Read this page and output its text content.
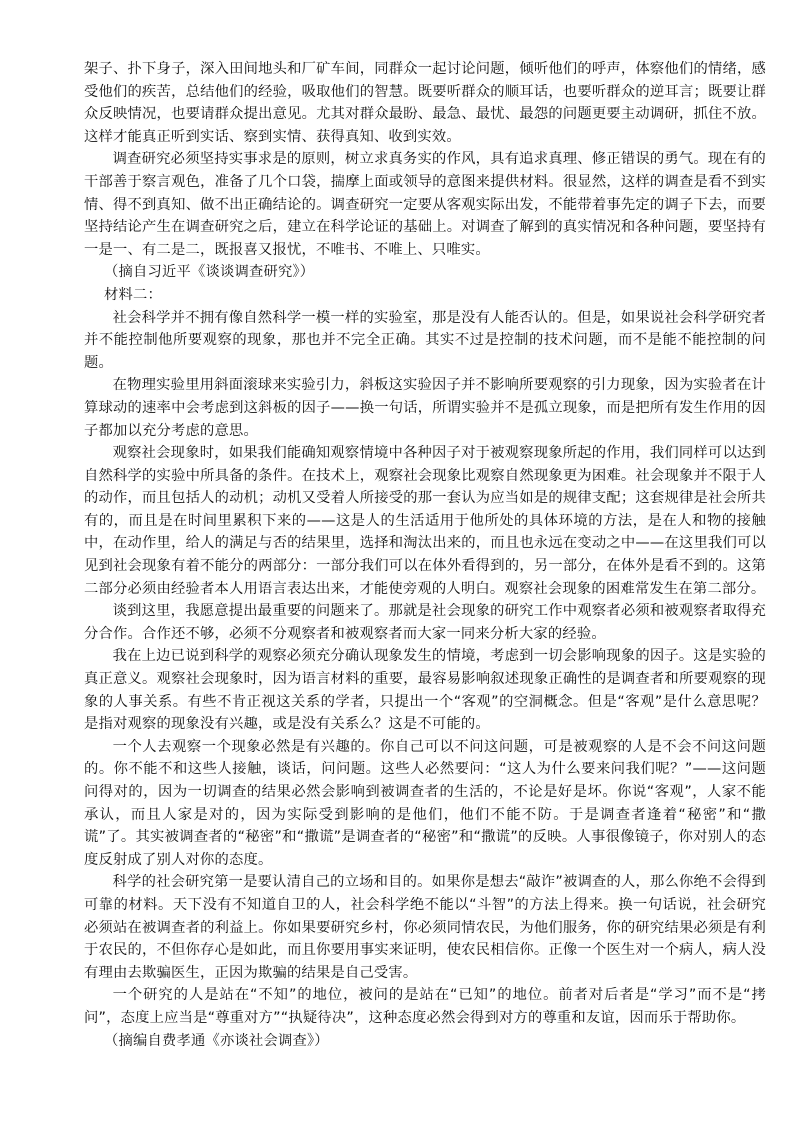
架子、扑下身子，深入田间地头和厂矿车间，同群众一起讨论问题，倾听他们的呼声，体察他们的情绪，感受他们的疾苦，总结他们的经验，吸取他们的智慧。既要听群众的顺耳话，也要听群众的逆耳言；既要让群众反映情况，也要请群众提出意见。尤其对群众最盼、最急、最忧、最怨的问题更要主动调研，抓住不放。这样才能真正听到实话、察到实情、获得真知、收到实效。

调查研究必须坚持实事求是的原则，树立求真务实的作风，具有追求真理、修正错误的勇气。现在有的干部善于察言观色，准备了几个口袋，揣摩上面或领导的意图来提供材料。很显然，这样的调查是看不到实情、得不到真知、做不出正确结论的。调查研究一定要从客观实际出发，不能带着事先定的调子下去，而要坚持结论产生在调查研究之后，建立在科学论证的基础上。对调查了解到的真实情况和各种问题，要坚持有一是一、有二是二，既报喜又报忧，不唯书、不唯上、只唯实。

（摘自习近平《谈谈调查研究》）

材料二：

社会科学并不拥有像自然科学一模一样的实验室，那是没有人能否认的。但是，如果说社会科学研究者并不能控制他所要观察的现象，那也并不完全正确。其实不过是控制的技术问题，而不是能不能控制的问题。

在物理实验里用斜面滚球来实验引力，斜板这实验因子并不影响所要观察的引力现象，因为实验者在计算球动的速率中会考虑到这斜板的因子——换一句话，所谓实验并不是孤立现象，而是把所有发生作用的因子都加以充分考虑的意思。

观察社会现象时，如果我们能确知观察情境中各种因子对于被观察现象所起的作用，我们同样可以达到自然科学的实验中所具备的条件。在技术上，观察社会现象比观察自然现象更为困难。社会现象并不限于人的动作，而且包括人的动机；动机又受着人所接受的那一套认为应当如是的规律支配；这套规律是社会所共有的，而且是在时间里累积下来的——这是人的生活适用于他所处的具体环境的方法，是在人和物的接触中，在动作里，给人的满足与否的结果里，选择和淘汰出来的，而且也永远在变动之中——在这里我们可以见到社会现象有着不能分的两部分：一部分我们可以在体外看得到的，另一部分，在体外是看不到的。这第二部分必须由经验者本人用语言表达出来，才能使旁观的人明白。观察社会现象的困难常发生在第二部分。

谈到这里，我愿意提出最重要的问题来了。那就是社会现象的研究工作中观察者必须和被观察者取得充分合作。合作还不够，必须不分观察者和被观察者而大家一同来分析大家的经验。

我在上边已说到科学的观察必须充分确认现象发生的情境，考虑到一切会影响现象的因子。这是实验的真正意义。观察社会现象时，因为语言材料的重要，最容易影响叙述现象正确性的是调查者和所要观察的现象的人事关系。有些不肯正视这关系的学者，只提出一个“客观”的空洞概念。但是“客观”是什么意思呢？是指对观察的现象没有兴趣，或是没有关系么？这是不可能的。

一个人去观察一个现象必然是有兴趣的。你自己可以不问这问题，可是被观察的人是不会不问这问题的。你不能不和这些人接触，谈话，问问题。这些人必然要问：“这人为什么要来问我们呢？”——这问题问得对的，因为一切调查的结果必然会影响到被调查者的生活的，不论是好是坏。你说“客观”，人家不能承认，而且人家是对的，因为实际受到影响的是他们，他们不能不防。于是调查者逢着“秘密”和“撒谎”了。其实被调查者的“秘密”和“撒谎”是调查者的“秘密”和“撒谎”的反映。人事很像镜子，你对别人的态度反射成了别人对你的态度。

科学的社会研究第一是要认清自己的立场和目的。如果你是想去“敲诈”被调查的人，那么你绝不会得到可靠的材料。天下没有不知道自卫的人，社会科学绝不能以“斗智”的方法上得来。换一句话说，社会研究必须站在被调查者的利益上。你如果要研究乡村，你必须同情农民，为他们服务，你的研究结果必须是有利于农民的，不但你存心是如此，而且你要用事实来证明，使农民相信你。正像一个医生对一个病人，病人没有理由去欺骗医生，正因为欺骗的结果是自己受害。

一个研究的人是站在“不知”的地位，被问的是站在“已知”的地位。前者对后者是“学习”而不是“拷问”，态度上应当是“尊重对方”“执疑待决”，这种态度必然会得到对方的尊重和友谊，因而乐于帮助你。

（摘编自费孝通《亦谈社会调查》）
